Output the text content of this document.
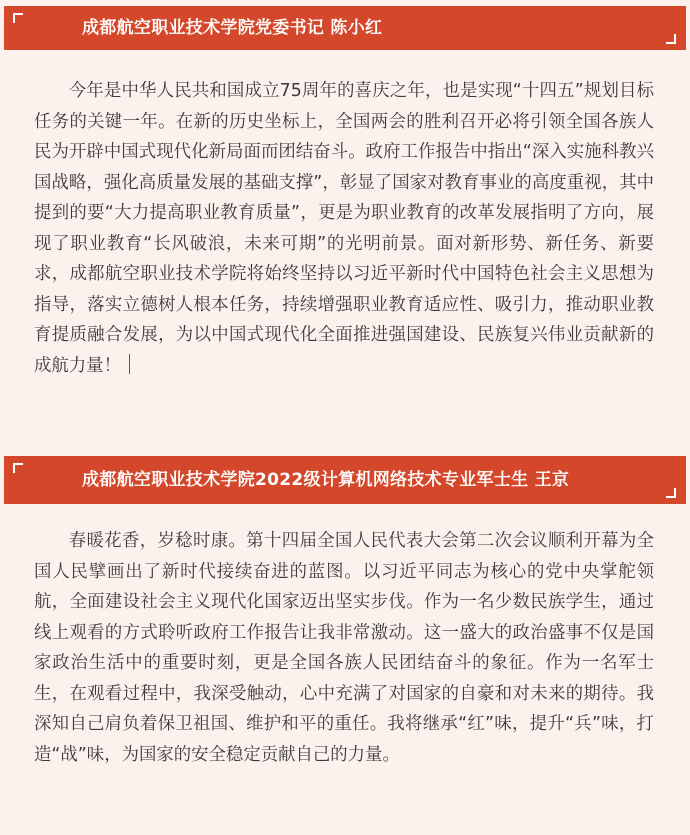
成都航空职业技术学院党委书记 陈小红

今年是中华人民共和国成立75周年的喜庆之年，也是实现“十四五”规划目标任务的关键一年。在新的历史坐标上，全国两会的胜利召开必将引领全国各族人民为开辟中国式现代化新局面而团结奋斗。政府工作报告中指出“深入实施科教兴国战略，强化高质量发展的基础支撑”，彰显了国家对教育事业的高度重视，其中提到的要“大力提高职业教育质量”，更是为职业教育的改革发展指明了方向，展现了职业教育“长风破浪，未来可期”的光明前景。面对新形势、新任务、新要求，成都航空职业技术学院将始终坚持以习近平新时代中国特色社会主义思想为指导，落实立德树人根本任务，持续增强职业教育适应性、吸引力，推动职业教育提质融合发展，为以中国式现代化全面推进强国建设、民族复兴伟业贡献新的成航力量！

成都航空职业技术学院2022级计算机网络技术专业军士生 王京

春暖花香，岁稔时康。第十四届全国人民代表大会第二次会议顺利开幕为全国人民擘画出了新时代接续奋进的蓝图。以习近平同志为核心的党中央掌舵领航，全面建设社会主义现代化国家迈出坚实步伐。作为一名少数民族学生，通过线上观看的方式聆听政府工作报告让我非常激动。这一盛大的政治盛事不仅是国家政治生活中的重要时刻，更是全国各族人民团结奋斗的象征。作为一名军士生，在观看过程中，我深受触动，心中充满了对国家的自豪和对未来的期待。我深知自己肩负着保卫祖国、维护和平的重任。我将继承“红”味，提升“兵”味，打造“战”味，为国家的安全稳定贡献自己的力量。
